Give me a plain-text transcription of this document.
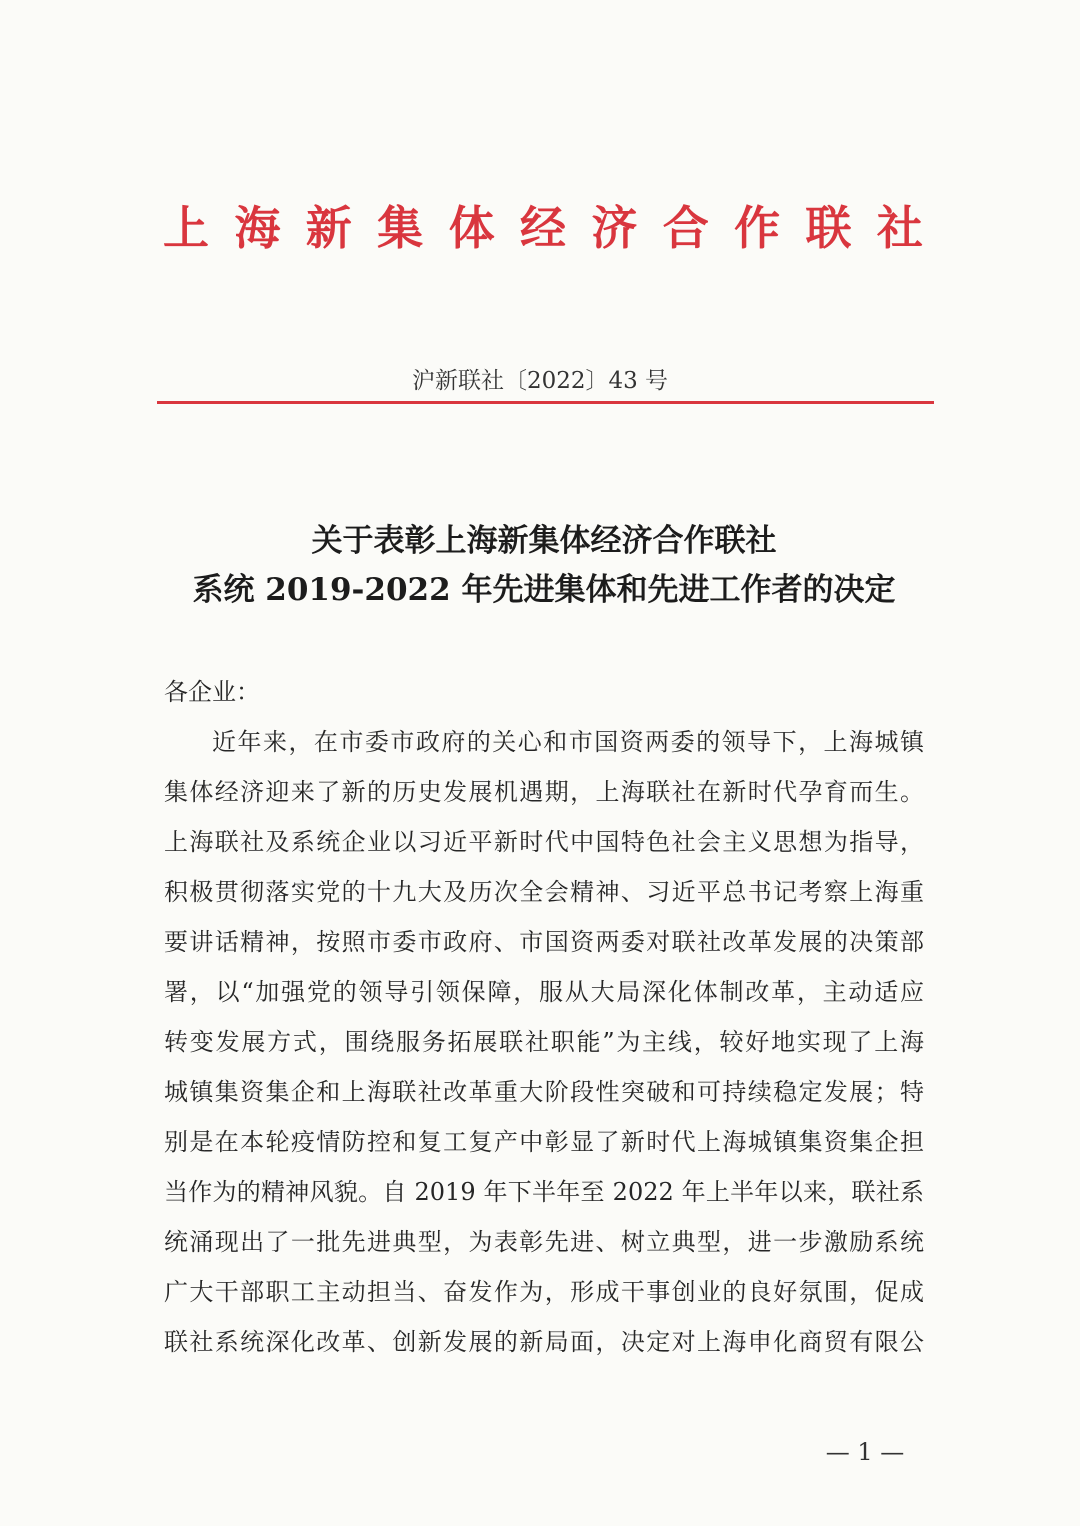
上 海 新 集 体 经 济 合 作 联 社
沪新联社〔2022〕43 号
关于表彰上海新集体经济合作联社
系统 2019-2022 年先进集体和先进工作者的决定
各企业：
近年来，在市委市政府的关心和市国资两委的领导下，上海城镇
集体经济迎来了新的历史发展机遇期，上海联社在新时代孕育而生。
上海联社及系统企业以习近平新时代中国特色社会主义思想为指导，
积极贯彻落实党的十九大及历次全会精神、习近平总书记考察上海重
要讲话精神，按照市委市政府、市国资两委对联社改革发展的决策部
署，以“加强党的领导引领保障，服从大局深化体制改革，主动适应
转变发展方式，围绕服务拓展联社职能”为主线，较好地实现了上海
城镇集资集企和上海联社改革重大阶段性突破和可持续稳定发展；特
别是在本轮疫情防控和复工复产中彰显了新时代上海城镇集资集企担
当作为的精神风貌。自 2019 年下半年至 2022 年上半年以来，联社系
统涌现出了一批先进典型，为表彰先进、树立典型，进一步激励系统
广大干部职工主动担当、奋发作为，形成干事创业的良好氛围，促成
联社系统深化改革、创新发展的新局面，决定对上海申化商贸有限公
— 1 —
